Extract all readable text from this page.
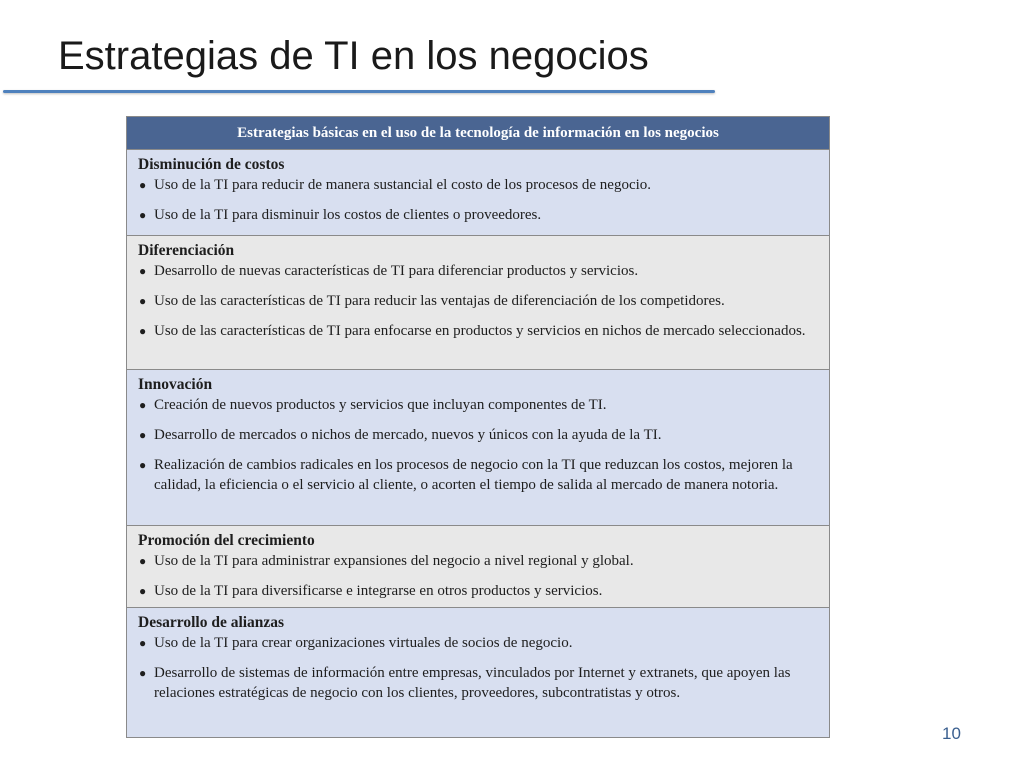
Estrategias de TI en los negocios
Estrategias básicas en el uso de la tecnología de información en los negocios
Disminución de costos
● Uso de la TI para reducir de manera sustancial el costo de los procesos de negocio.
● Uso de la TI para disminuir los costos de clientes o proveedores.
Diferenciación
● Desarrollo de nuevas características de TI para diferenciar productos y servicios.
● Uso de las características de TI para reducir las ventajas de diferenciación de los competidores.
● Uso de las características de TI para enfocarse en productos y servicios en nichos de mercado seleccionados.
Innovación
● Creación de nuevos productos y servicios que incluyan componentes de TI.
● Desarrollo de mercados o nichos de mercado, nuevos y únicos con la ayuda de la TI.
● Realización de cambios radicales en los procesos de negocio con la TI que reduzcan los costos, mejoren la calidad, la eficiencia o el servicio al cliente, o acorten el tiempo de salida al mercado de manera notoria.
Promoción del crecimiento
● Uso de la TI para administrar expansiones del negocio a nivel regional y global.
● Uso de la TI para diversificarse e integrarse en otros productos y servicios.
Desarrollo de alianzas
● Uso de la TI para crear organizaciones virtuales de socios de negocio.
● Desarrollo de sistemas de información entre empresas, vinculados por Internet y extranets, que apoyen las relaciones estratégicas de negocio con los clientes, proveedores, subcontratistas y otros.
10
